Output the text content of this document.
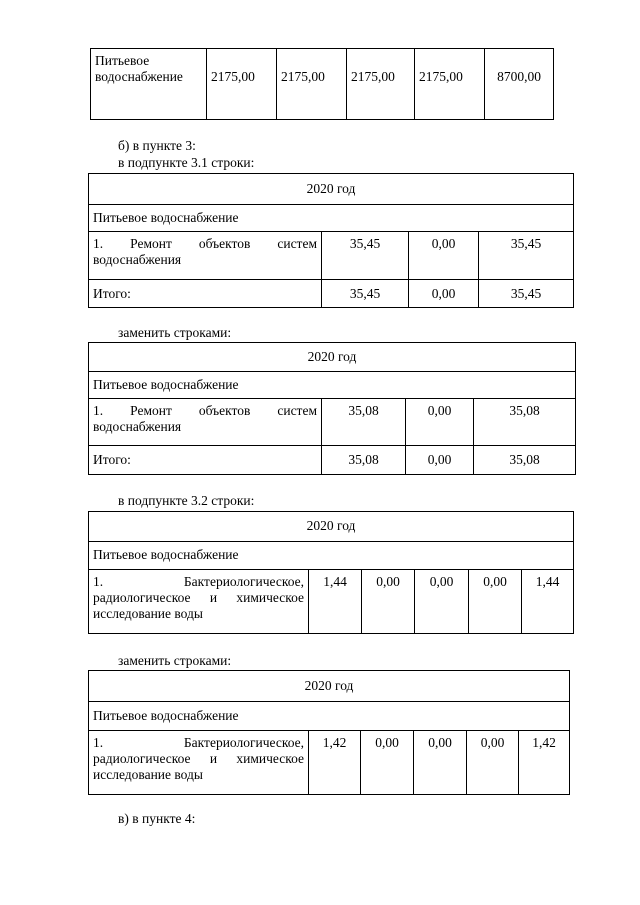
Питьевое водоснабжение	2175,00	2175,00	2175,00	2175,00	8700,00
б) в пункте 3:
в подпункте 3.1 строки:
2020 год			
Питьевое водоснабжение			

1. Ремонт объектов систем
водоснабжения	35,45	0,00	35,45
Итого:	35,45	0,00	35,45
заменить строками:
2020 год			
Питьевое водоснабжение			

1. Ремонт объектов систем
водоснабжения	35,08	0,00	35,08
Итого:	35,08	0,00	35,08
в подпункте 3.2 строки:
2020 год
Питьевое водоснабжение

1. Бактериологическое,
радиологическое и химическое
исследование воды
	1,44	0,00	0,00	0,00	1,44
заменить строками:
2020 год
Питьевое водоснабжение

1. Бактериологическое,
радиологическое и химическое
исследование воды
	1,42	0,00	0,00	0,00	1,42
в) в пункте 4:
